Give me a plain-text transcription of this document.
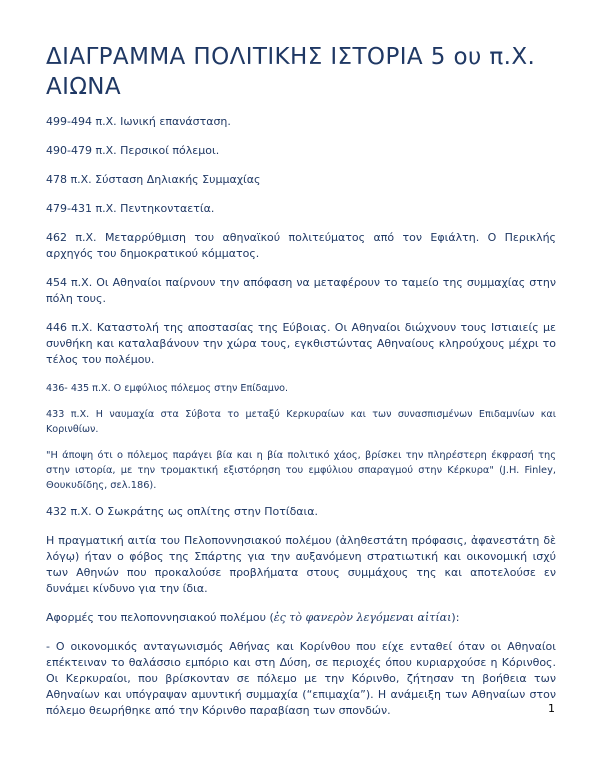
ΔΙΑΓΡΑΜΜΑ ΠΟΛΙΤΙΚΗΣ ΙΣΤΟΡΙΑ 5 ου π.Χ. ΑΙΩΝΑ

499-494 π.Χ. Ιωνική επανάσταση.

490-479 π.Χ. Περσικοί πόλεμοι.

478 π.Χ. Σύσταση Δηλιακής Συμμαχίας

479-431 π.Χ. Πεντηκονταετία.

462 π.Χ. Μεταρρύθμιση του αθηναϊκού πολιτεύματος από τον Εφιάλτη. Ο Περικλής αρχηγός του δημοκρατικού κόμματος.

454 π.Χ. Οι Αθηναίοι παίρνουν την απόφαση να μεταφέρουν το ταμείο της συμμαχίας στην πόλη τους.

446 π.Χ. Καταστολή της αποστασίας της Εύβοιας. Οι Αθηναίοι διώχνουν τους Ιστιαιείς με συνθήκη και καταλαβάνουν την χώρα τους, εγκθιστώντας Αθηναίους κληρούχους μέχρι το τέλος του πολέμου.

436- 435 π.Χ. Ο εμφύλιος πόλεμος στην Επίδαμνο.

433 π.Χ. Η ναυμαχία στα Σύβοτα το μεταξύ Κερκυραίων και των συνασπισμένων Επιδαμνίων και Κορινθίων.

"Η άποψη ότι ο πόλεμος παράγει βία και η βία πολιτικό χάος, βρίσκει την πληρέστερη έκφρασή της στην ιστορία, με την τρομακτική εξιστόρηση του εμφύλιου σπαραγμού στην Κέρκυρα" (J.H. Finley, Θουκυδίδης, σελ.186).

432 π.Χ. Ο Σωκράτης ως οπλίτης στην Ποτίδαια.

Η πραγματική αιτία του Πελοποννησιακού πολέμου (ἀληθεστάτη πρόφασις, ἀφανεστάτη δὲ λόγῳ) ήταν ο φόβος της Σπάρτης για την αυξανόμενη στρατιωτική και οικονομική ισχύ των Αθηνών που προκαλούσε προβλήματα στους συμμάχους της και αποτελούσε εν δυνάμει κίνδυνο για την ίδια.

Αφορμές του πελοποννησιακού πολέμου (ἐς τὸ φανερὸν λεγόμεναι αἰτίαι):

- Ο οικονομικός ανταγωνισμός Αθήνας και Κορίνθου που είχε ενταθεί όταν οι Αθηναίοι επέκτειναν το θαλάσσιο εμπόριο και στη Δύση, σε περιοχές όπου κυριαρχούσε η Κόρινθος. Οι Κερκυραίοι, που βρίσκονταν σε πόλεμο με την Κόρινθο, ζήτησαν τη βοήθεια των Αθηναίων και υπόγραψαν αμυντική συμμαχία (“επιμαχία”). Η ανάμειξη των Αθηναίων στον πόλεμο θεωρήθηκε από την Κόρινθο παραβίαση των σπονδών.	1
